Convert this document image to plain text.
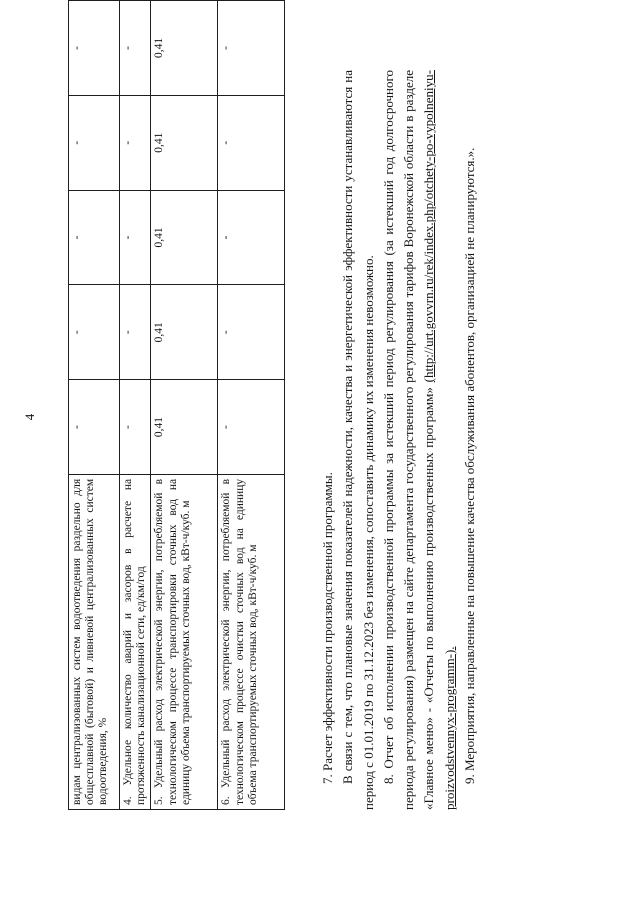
4
видам централизованных систем водоотведения раздельно для общесплавной (бытовой) и ливневой централизованных систем водоотведения, %	-	-	-	-	-
4. Удельное количество аварий и засоров в расчете на протяженность канализационной сети, ед/км/год	-	-	-	-	-
5. Удельный расход электрической энергии, потребляемой в технологическом процессе транспортировки сточных вод на единицу объема транспортируемых сточных вод, кВт-ч/куб. м	0,41	0,41	0,41	0,41	0,41
6. Удельный расход электрической энергии, потребляемой в технологическом процессе очистки сточных вод на единицу объема транспортируемых сточных вод, кВт-ч/куб. м	-	-	-	-	-

7. Расчет эффективности производственной программы. В связи с тем, что плановые значения показателей надежности, качества и энергетической эффективности устанавливаются на период с 01.01.2019 по 31.12.2023 без изменения, сопоставить динамику их изменения невозможно. 8. Отчет об исполнении производственной программы за истекший период регулирования (за истекший год долгосрочного периода регулирования) размещен на сайте департамента государственного регулирования тарифов Воронежской области в разделе «Главное меню» - «Отчеты по выполнению производственных программ» (http://urt.govvrn.ru/rek/index.php/otchety-po-vypolneniyu-proizvodstvennyx-programm-). 9. Мероприятия, направленные на повышение качества обслуживания абонентов, организацией не планируются.».
